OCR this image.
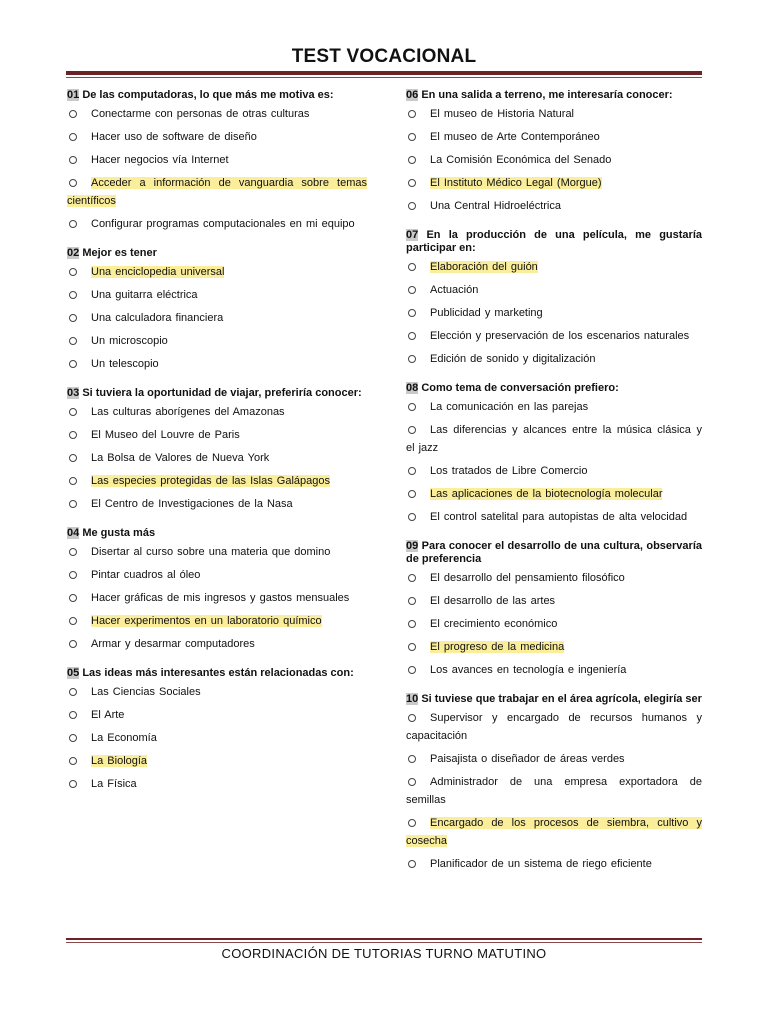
TEST VOCACIONAL

01 De las computadoras, lo que más me motiva es:

Conectarme con personas de otras culturas
Hacer uso de software de diseño
Hacer negocios vía Internet
Acceder a información de vanguardia sobre temas científicos
Configurar programas computacionales en mi equipo

02 Mejor es tener

Una enciclopedia universal
Una guitarra eléctrica
Una calculadora financiera
Un microscopio
Un telescopio

03 Si tuviera la oportunidad de viajar, preferiría conocer:

Las culturas aborígenes del Amazonas
El Museo del Louvre de Paris
La Bolsa de Valores de Nueva York
Las especies protegidas de las Islas Galápagos
El Centro de Investigaciones de la Nasa

04 Me gusta más

Disertar al curso sobre una materia que domino
Pintar cuadros al óleo
Hacer gráficas de mis ingresos y gastos mensuales
Hacer experimentos en un laboratorio químico
Armar y desarmar computadores

05 Las ideas más interesantes están relacionadas con:

Las Ciencias Sociales
El Arte
La Economía
La Biología
La Física

06 En una salida a terreno, me interesaría conocer:

El museo de Historia Natural
El museo de Arte Contemporáneo
La Comisión Económica del Senado
El Instituto Médico Legal (Morgue)
Una Central Hidroeléctrica

07 En la producción de una película, me gustaría participar en:

Elaboración del guión
Actuación
Publicidad y marketing
Elección y preservación de los escenarios naturales
Edición de sonido y digitalización

08 Como tema de conversación prefiero:

La comunicación en las parejas
Las diferencias y alcances entre la música clásica y el jazz
Los tratados de Libre Comercio
Las aplicaciones de la biotecnología molecular
El control satelital para autopistas de alta velocidad

09 Para conocer el desarrollo de una cultura, observaría de preferencia

El desarrollo del pensamiento filosófico
El desarrollo de las artes
El crecimiento económico
El progreso de la medicina
Los avances en tecnología e ingeniería

10 Si tuviese que trabajar en el área agrícola, elegiría ser

Supervisor y encargado de recursos humanos y capacitación
Paisajista o diseñador de áreas verdes
Administrador de una empresa exportadora de semillas
Encargado de los procesos de siembra, cultivo y cosecha
Planificador de un sistema de riego eficiente
COORDINACIÓN DE TUTORIAS TURNO MATUTINO
